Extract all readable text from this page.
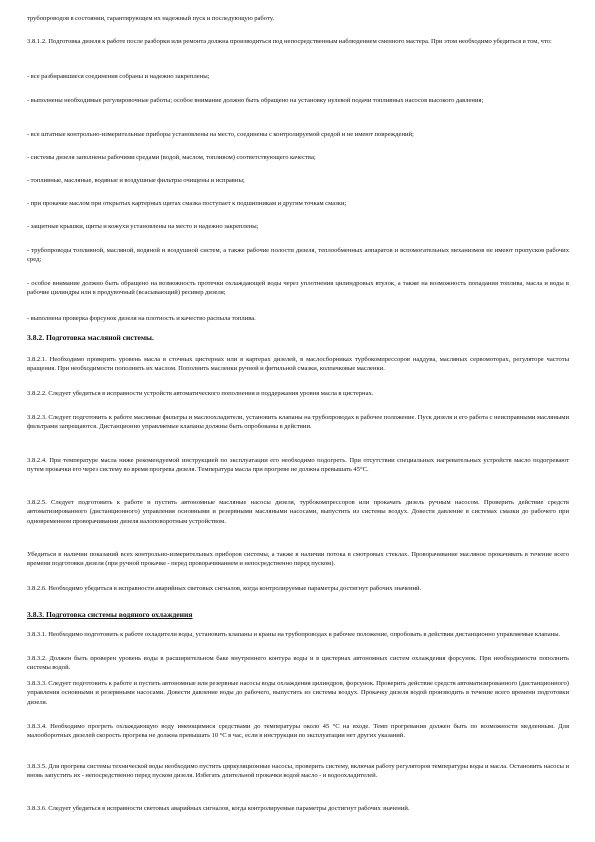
трубопроводов в состоянии, гарантирующем их надежный пуск и последующую работу.
3.8.1.2. Подготовка дизеля к работе после разборки или ремонта должна производиться под непосредственным наблюдением сменного мастера. При этом необходимо убедиться в том, что:
- все разбиравшиеся соединения собраны и надежно закреплены;
- выполнены необходимые регулировочные работы; особое внимание должно быть обращено на установку нулевой подачи топливных насосов высокого давления;
- все штатные контрольно-измерительные приборы установлены на место, соединены с контролируемой средой и не имеют повреждений;
- системы дизеля заполнены рабочими средами (водой, маслом, топливом) соответствующего качества;
- топливные, масляные, водяные и воздушные фильтры очищены и исправны;
- при прокачке маслом при открытых картерных щитах смазка поступает к подшипникам и другим точкам смазки;
- защитные крышки, щиты и кожухи установлены на место и надежно закреплены;
- трубопроводы топливной, масляной, водяной и воздушной систем, а также рабочие полости дизеля, теплообменных аппаратов и вспомогательных механизмов не имеют пропусков рабочих сред;
- особое внимание должно быть обращено на возможность протечки охлаждающей воды через уплотнения цилиндровых втулок, а также на возможность попадания топлива, масла и воды в рабочие цилиндры или в продувочный (всасывающий) ресивер дизеля;
- выполнена проверка форсунок дизеля на плотность и качество распыла топлива.
3.8.2. Подготовка масляной системы.
3.8.2.1. Необходимо проверить уровень масла в сточных цистернах или в картерах дизелей, в маслосборниках турбокомпрессоров наддува, масляных сервомоторах, регуляторе частоты вращения. При необходимости пополнить их маслом. Пополнить масленки ручной и фитильной смазки, колпачковые масленки.
3.8.2.2. Следует убедиться в исправности устройств автоматического пополнения и поддержания уровня масла в цистернах.
3.8.2.3. Следует подготовить к работе масляные фильтры и маслоохладители, установить клапаны на трубопроводах в рабочее положение. Пуск дизеля и его работа с неисправными масляными фильтрами запрещаются. Дистанционно управляемые клапаны должны быть опробованы в действии.
3.8.2.4. При температуре масла ниже рекомендуемой инструкцией по эксплуатации его необходимо подогреть. При отсутствии специальных нагревательных устройств масло подогревают путем прокачки его через систему во время прогрева дизеля. Температура масла при прогреве не должна превышать 45°С.
3.8.2.5. Следует подготовить к работе и пустить автономные масляные насосы дизеля, турбокомпрессоров или прокачать дизель ручным насосом. Проверить действие средств автоматизированного (дистанционного) управления основными и резервными масляными насосами, выпустить из системы воздух. Довести давление в системах смазки до рабочего при одновременном проворачивании дизеля валоповоротным устройством.
Убедиться в наличии показаний всех контрольно-измерительных приборов системы, а также в наличии потока в смотровых стеклах. Проворачивание масляное прокачивать в течение всего времени подготовки дизеля (при ручной прокачке - перед проворачиванием и непосредственно перед пуском).
3.8.2.6. Необходимо убедиться в исправности аварийных световых сигналов, когда контролируемые параметры достигнут рабочих значений.
3.8.3. Подготовка системы водяного охлаждения
3.8.3.1. Необходимо подготовить к работе охладители воды, установить клапаны и краны на трубопроводах в рабочее положение, опробовать в действии дистанционно управляемые клапаны.
3.8.3.2. Должен быть проверен уровень воды в расширительном баке внутреннего контура воды и в цистернах автономных систем охлаждения форсунок. При необходимости пополнить системы водой.
3.8.3.3. Следует подготовить к работе и пустить автономные или резервные насосы воды охлаждения цилиндров, форсунок. Проверить действие средств автоматизированного (дистанционного) управления основными и резервными насосами. Довести давление воды до рабочего, выпустить из системы воздух. Прокачку дизеля водой производить в течение всего времени подготовки дизеля.
3.8.3.4. Необходимо прогреть охлаждающую воду имеющимися средствами до температуры около 45 °С на входе. Темп прогревания должен быть по возможности медленным. Для малооборотных дизелей скорость прогрева не должна превышать 10 °С в час, если в инструкции по эксплуатации нет других указаний.
3.8.3.5. Для прогрева системы технической воды необходимо пустить циркуляционные насосы, проверить систему, включая работу регуляторов температуры воды и масла. Остановить насосы и вновь запустить их - непосредственно перед пуском дизеля. Избегать длительной прокачки водой масло - и водоохладителей.
3.8.3.6. Следует убедиться в исправности световых аварийных сигналов, когда контролируемые параметры достигнут рабочих значений.
